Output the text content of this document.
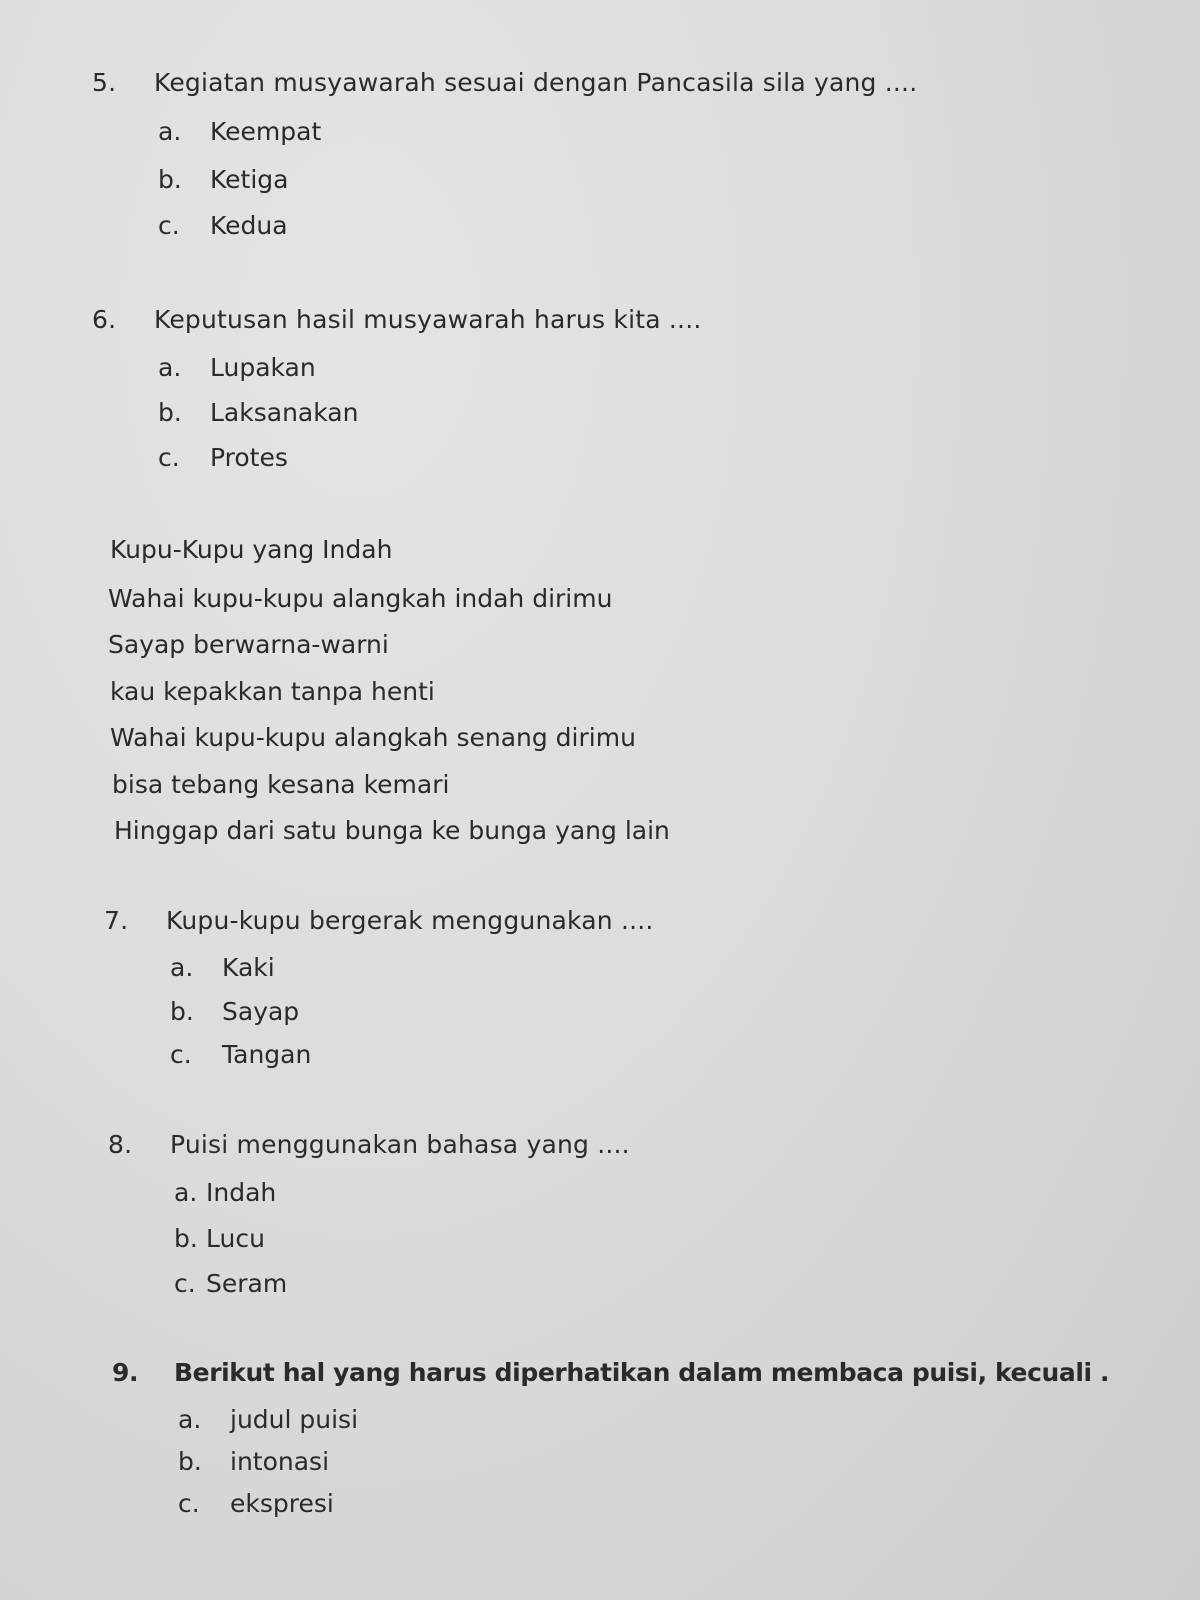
5. Kegiatan musyawarah sesuai dengan Pancasila sila yang ....
a. Keempat
b. Ketiga
c. Kedua
6. Keputusan hasil musyawarah harus kita ....
a. Lupakan
b. Laksanakan
c. Protes
Kupu-Kupu yang Indah
Wahai kupu-kupu alangkah indah dirimu
Sayap berwarna-warni
kau kepakkan tanpa henti
Wahai kupu-kupu alangkah senang dirimu
bisa tebang kesana kemari
Hinggap dari satu bunga ke bunga yang lain
7. Kupu-kupu bergerak menggunakan ....
a. Kaki
b. Sayap
c. Tangan
8. Puisi menggunakan bahasa yang ....
a. Indah
b. Lucu
c. Seram
9. Berikut hal yang harus diperhatikan dalam membaca puisi, kecuali .
a. judul puisi
b. intonasi
c. ekspresi
